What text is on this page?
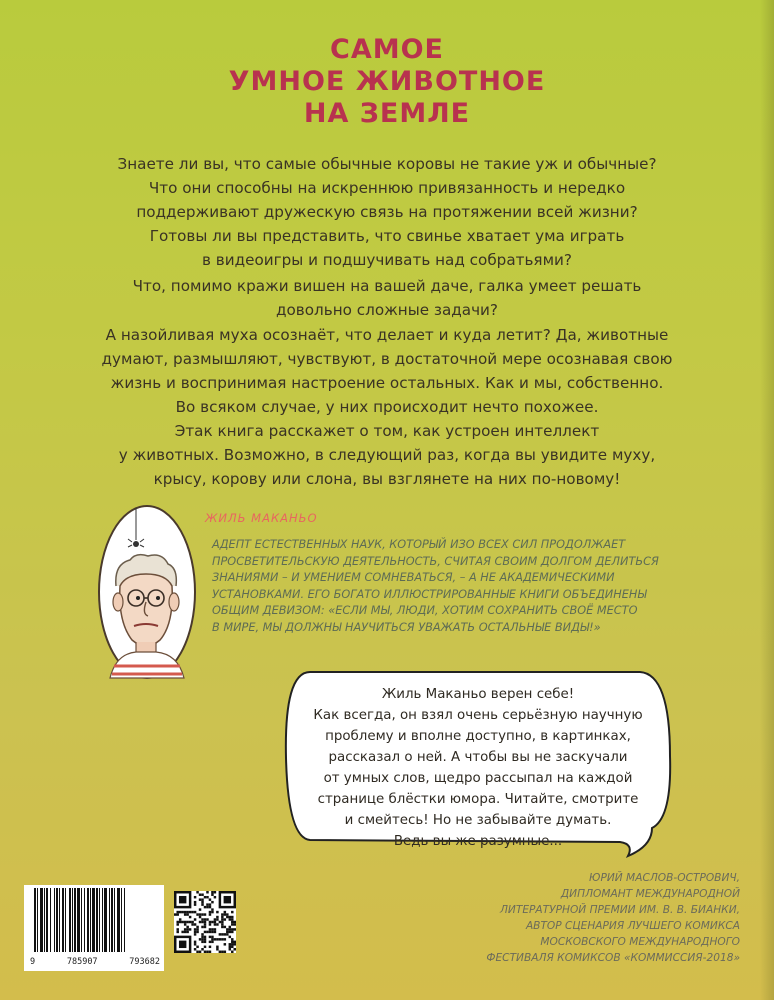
САМОЕ
УМНОЕ ЖИВОТНОЕ
НА ЗЕМЛЕ
Знаете ли вы, что самые обычные коровы не такие уж и обычные?
Что они способны на искреннюю привязанность и нередко
поддерживают дружескую связь на протяжении всей жизни?
Готовы ли вы представить, что свинье хватает ума играть
в видеоигры и подшучивать над собратьями?
Что, помимо кражи вишен на вашей даче, галка умеет решать
довольно сложные задачи?
А назойливая муха осознаёт, что делает и куда летит? Да, животные
думают, размышляют, чувствуют, в достаточной мере осознавая свою
жизнь и воспринимая настроение остальных. Как и мы, собственно.
Во всяком случае, у них происходит нечто похожее.
Этак книга расскажет о том, как устроен интеллект
у животных. Возможно, в следующий раз, когда вы увидите муху,
крысу, корову или слона, вы взглянете на них по-новому!
ЖИЛЬ МАКАНЬО
АДЕПТ ЕСТЕСТВЕННЫХ НАУК, КОТОРЫЙ ИЗО ВСЕХ СИЛ ПРОДОЛЖАЕТ
ПРОСВЕТИТЕЛЬСКУЮ ДЕЯТЕЛЬНОСТЬ, СЧИТАЯ СВОИМ ДОЛГОМ ДЕЛИТЬСЯ
ЗНАНИЯМИ – И УМЕНИЕМ СОМНЕВАТЬСЯ, – А НЕ АКАДЕМИЧЕСКИМИ
УСТАНОВКАМИ. ЕГО БОГАТО ИЛЛЮСТРИРОВАННЫЕ КНИГИ ОБЪЕДИНЕНЫ
ОБЩИМ ДЕВИЗОМ: «ЕСЛИ МЫ, ЛЮДИ, ХОТИМ СОХРАНИТЬ СВОЁ МЕСТО
В МИРЕ, МЫ ДОЛЖНЫ НАУЧИТЬСЯ УВАЖАТЬ ОСТАЛЬНЫЕ ВИДЫ!»
Жиль Маканьо верен себе!
Как всегда, он взял очень серьёзную научную
проблему и вполне доступно, в картинках,
рассказал о ней. А чтобы вы не заскучали
от умных слов, щедро рассыпал на каждой
странице блёстки юмора. Читайте, смотрите
и смейтесь! Но не забывайте думать.
Ведь вы же разумные...
9	785907	793682
ЮРИЙ МАСЛОВ-ОСТРОВИЧ,
ДИПЛОМАНТ МЕЖДУНАРОДНОЙ
ЛИТЕРАТУРНОЙ ПРЕМИИ ИМ. В. В. БИАНКИ,
АВТОР СЦЕНАРИЯ ЛУЧШЕГО КОМИКСА
МОСКОВСКОГО МЕЖДУНАРОДНОГО
ФЕСТИВАЛЯ КОМИКСОВ «КОММИССИЯ-2018»
